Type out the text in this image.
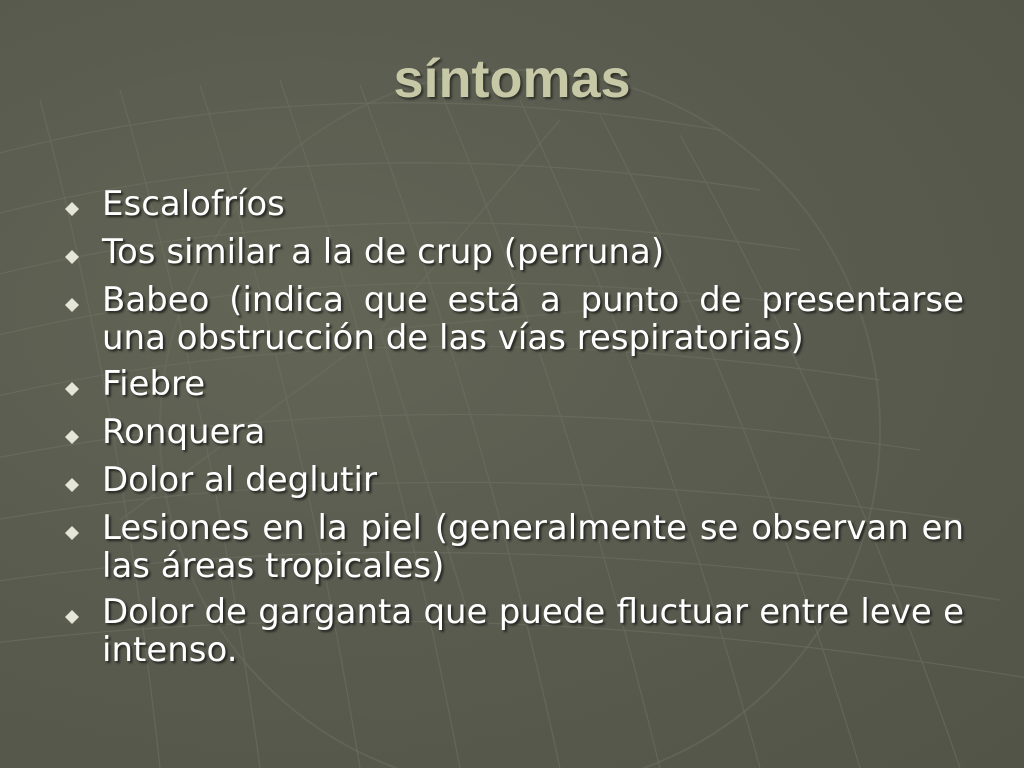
síntomas
Escalofríos
Tos similar a la de crup (perruna)
Babeo (indica que está a punto de presentarse una obstrucción de las vías respiratorias)
Fiebre
Ronquera
Dolor al deglutir
Lesiones en la piel (generalmente se observan en las áreas tropicales)
Dolor de garganta que puede fluctuar entre leve e intenso.
